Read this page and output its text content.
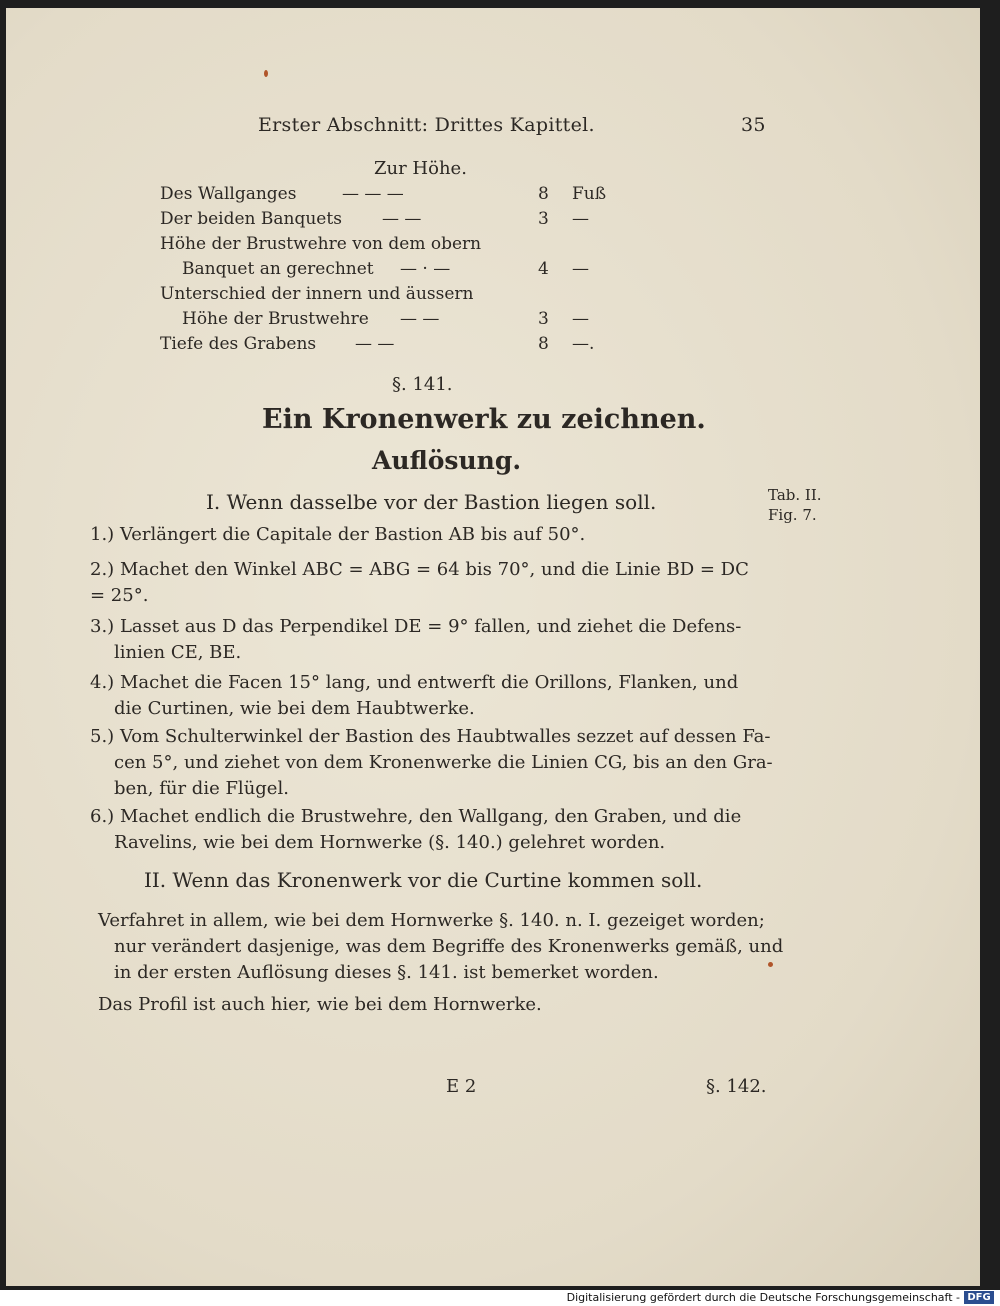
Erster Abschnitt: Drittes Kapittel.	35
Zur Höhe.
Des Wallganges	— — —	8 Fuß
Der beiden Banquets — —	3 —
Höhe der Brustwehre von dem obern
Banquet an gerechnet — · —	4 —
Unterschied der innern und äussern
Höhe der Brustwehre — —	3 —
Tiefe des Grabens — —	8 —.
§. 141.
Ein Kronenwerk zu zeichnen.
Auflösung.
I. Wenn dasselbe vor der Bastion liegen soll.	Tab. II.
Fig. 7.
1.) Verlängert die Capitale der Bastion AB bis auf 50°.
2.) Machet den Winkel ABC = ABG = 64 bis 70°, und die Linie BD = DC
= 25°.
3.) Lasset aus D das Perpendikel DE = 9° fallen, und ziehet die Defens-
linien CE, BE.
4.) Machet die Facen 15° lang, und entwerft die Orillons, Flanken, und
die Curtinen, wie bei dem Haubtwerke.
5.) Vom Schulterwinkel der Bastion des Haubtwalles sezzet auf dessen Fa-
cen 5°, und ziehet von dem Kronenwerke die Linien CG, bis an den Gra-
ben, für die Flügel.
6.) Machet endlich die Brustwehre, den Wallgang, den Graben, und die
Ravelins, wie bei dem Hornwerke (§. 140.) gelehret worden.
II. Wenn das Kronenwerk vor die Curtine kommen soll.
Verfahret in allem, wie bei dem Hornwerke §. 140. n. I. gezeiget worden;
nur verändert dasjenige, was dem Begriffe des Kronenwerks gemäß, und
in der ersten Auflösung dieses §. 141. ist bemerket worden.
Das Profil ist auch hier, wie bei dem Hornwerke.
E 2	§. 142.
Digitalisierung gefördert durch die Deutsche Forschungsgemeinschaft - DFG
